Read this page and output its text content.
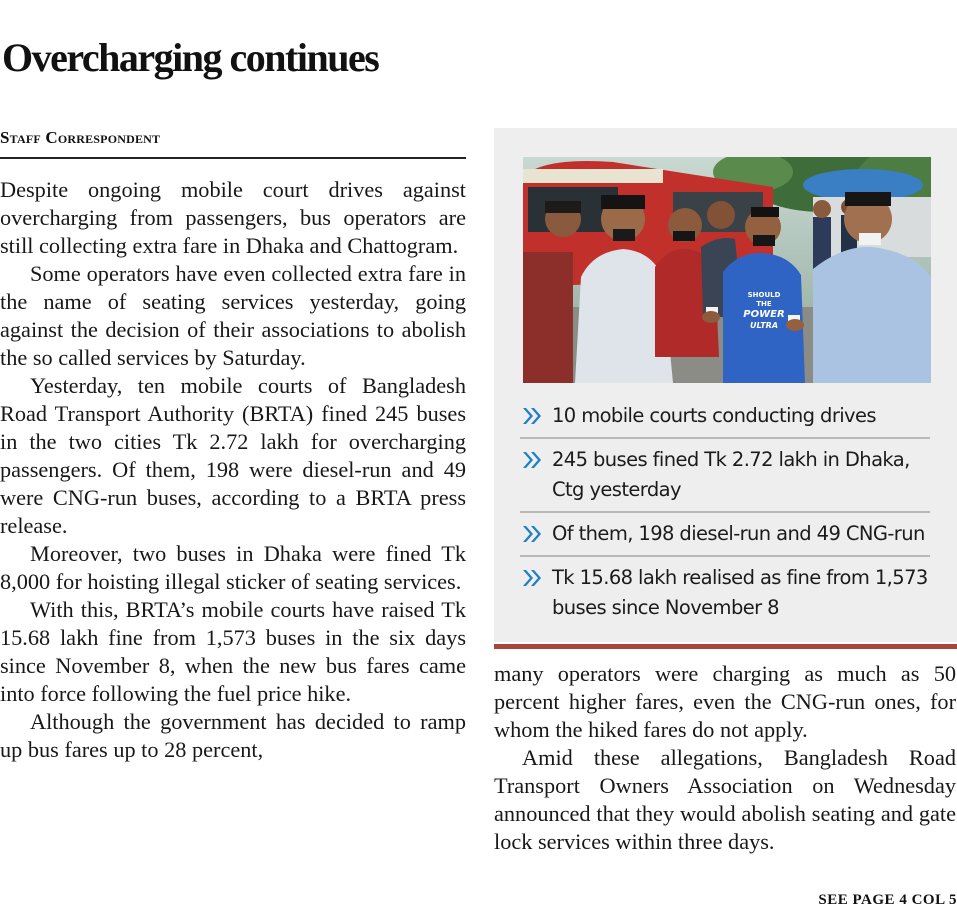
Overcharging continues
Staff Correspondent

Despite ongoing mobile court drives against overcharging from passengers, bus operators are still collecting extra fare in Dhaka and Chattogram.

Some operators have even collected extra fare in the name of seating services yesterday, going against the decision of their associations to abolish the so called services by Saturday.

Yesterday, ten mobile courts of Bangladesh Road Transport Authority (BRTA) fined 245 buses in the two cities Tk 2.72 lakh for overcharging passengers. Of them, 198 were diesel-run and 49 were CNG-run buses, according to a BRTA press release.

Moreover, two buses in Dhaka were fined Tk 8,000 for hoisting illegal sticker of seating services.

With this, BRTA’s mobile courts have raised Tk 15.68 lakh fine from 1,573 buses in the six days since November 8, when the new bus fares came into force following the fuel price hike.

Although the government has decided to ramp up bus fares up to 28 percent,

SHOULD
THE
POWER
ULTRA
10 mobile courts conducting drives
245 buses fined Tk 2.72 lakh in Dhaka, Ctg yesterday
Of them, 198 diesel-run and 49 CNG-run
Tk 15.68 lakh realised as fine from 1,573 buses since November 8

many operators were charging as much as 50 percent higher fares, even the CNG-run ones, for whom the hiked fares do not apply.

Amid these allegations, Bangladesh Road Transport Owners Association on Wednesday announced that they would abolish seating and gate lock services within three days.

SEE PAGE 4 COL 5
